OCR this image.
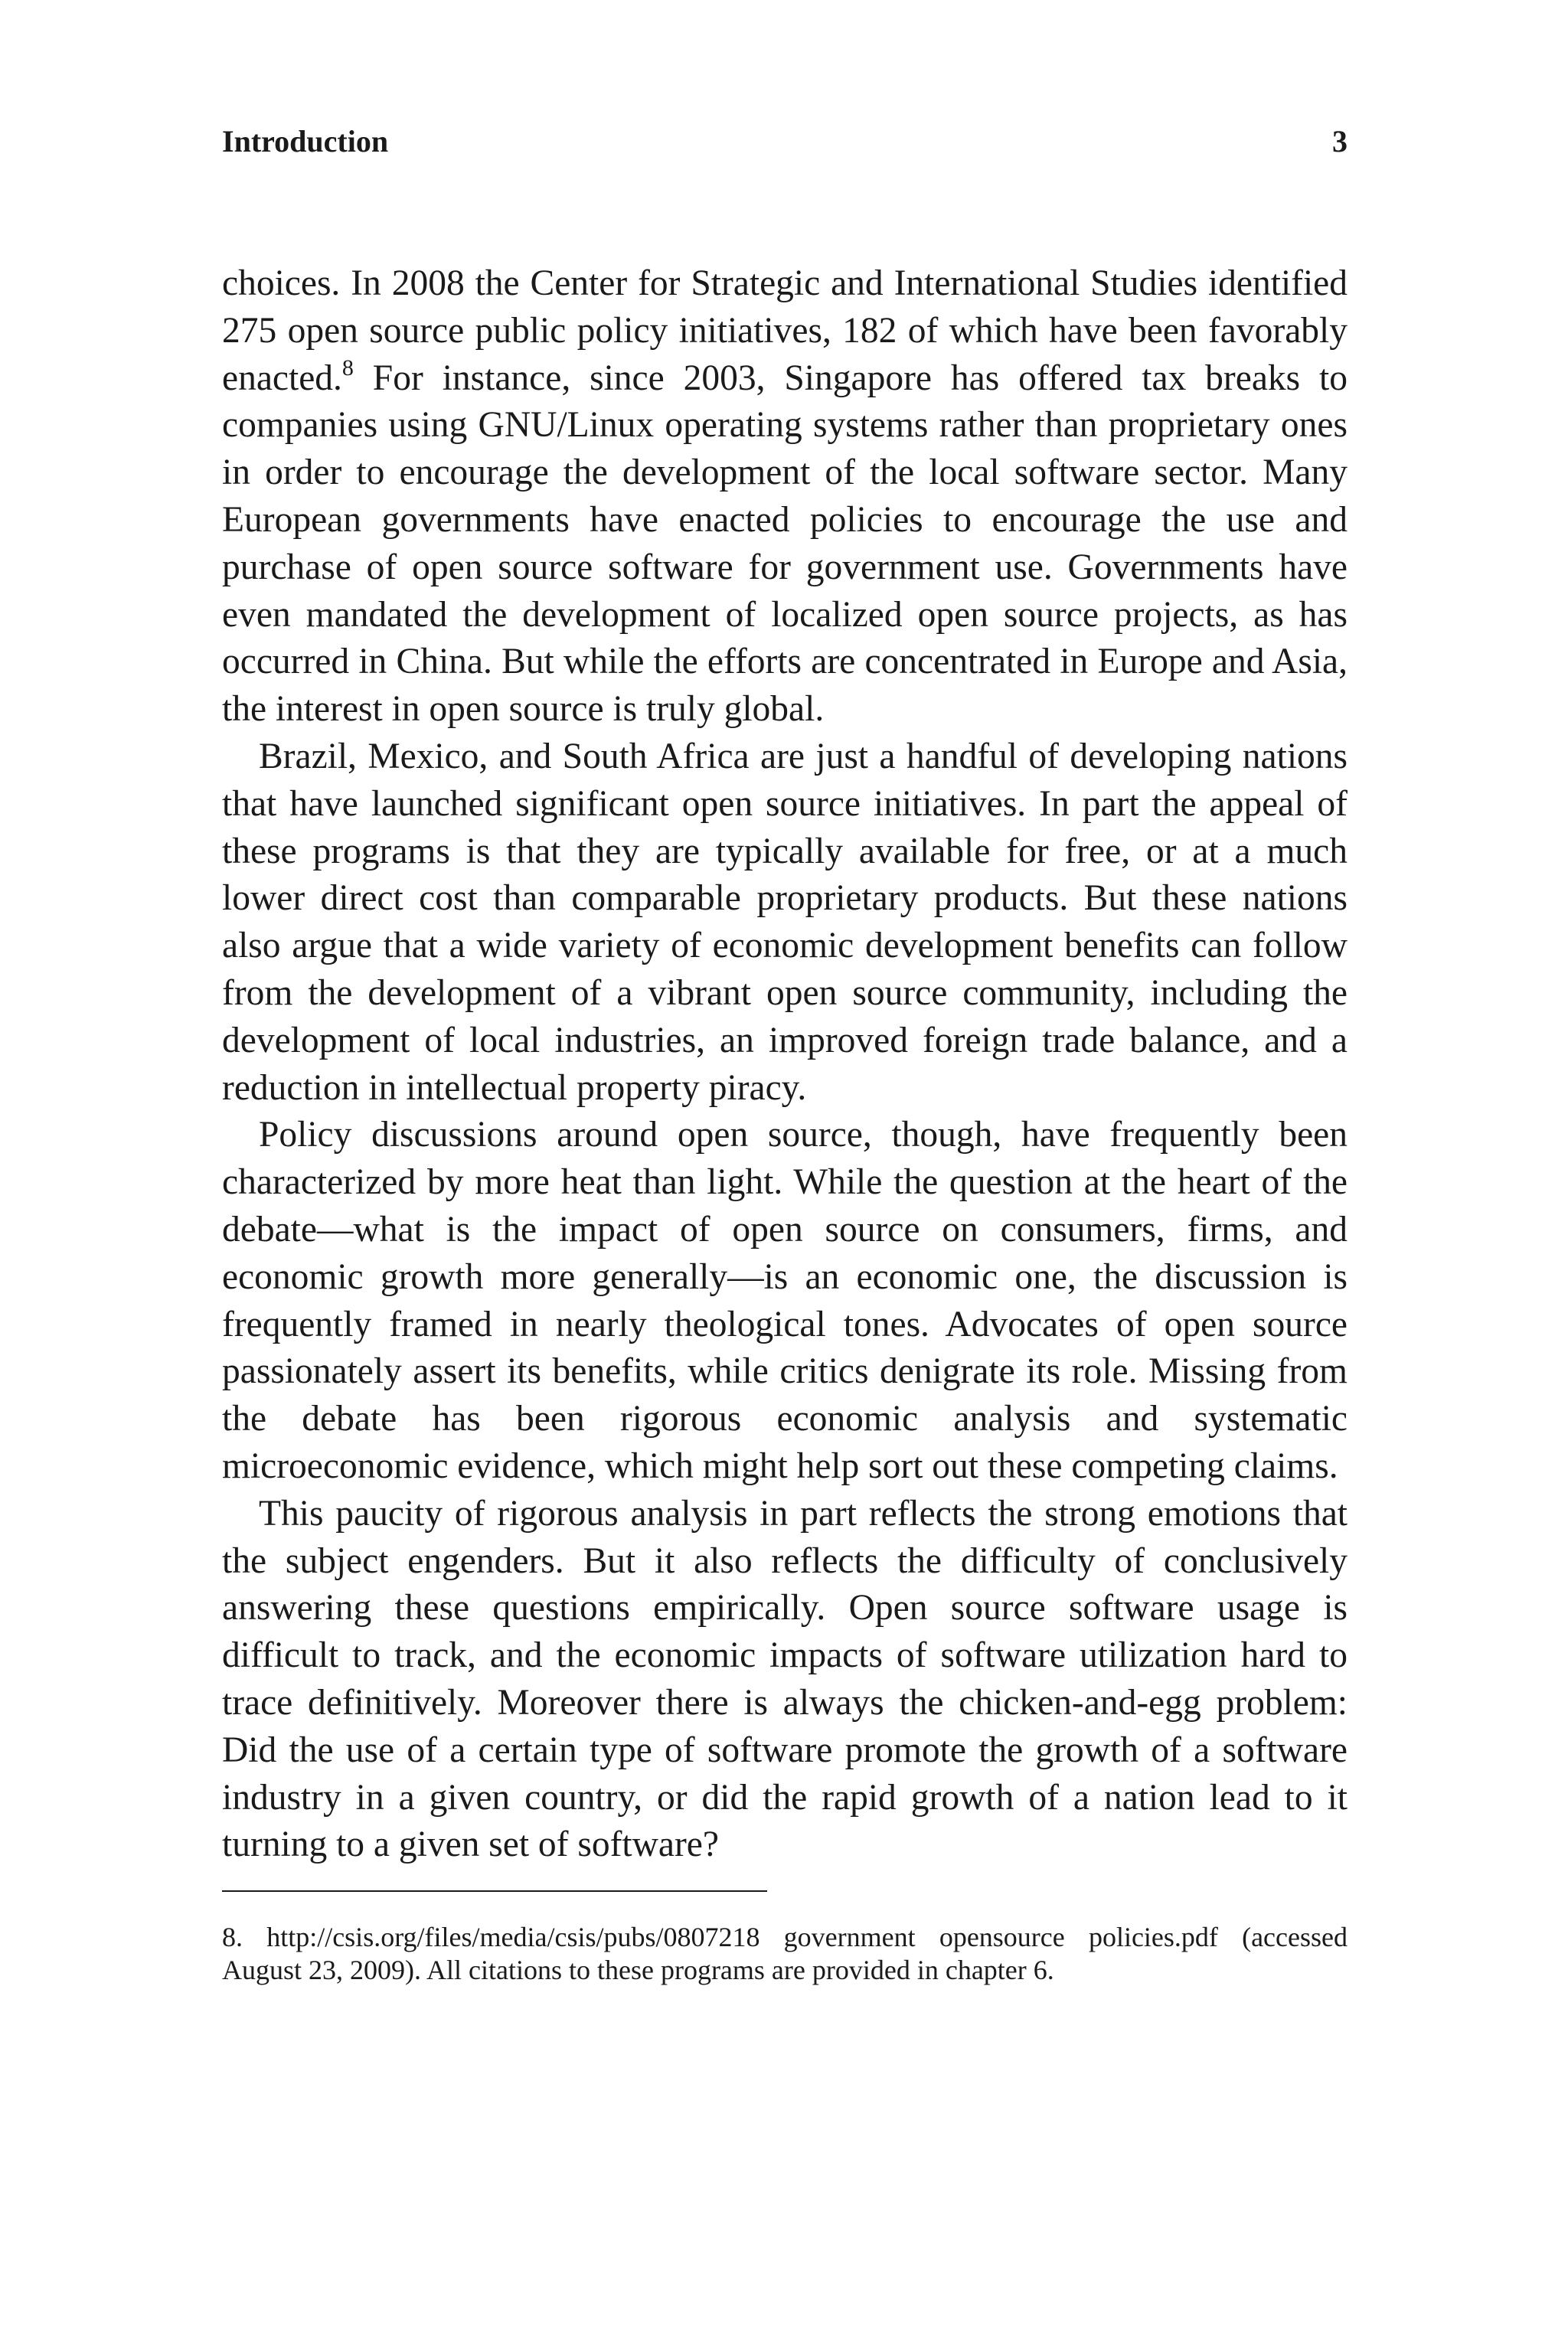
Introduction	3

choices. In 2008 the Center for Strategic and International Studies identified 275 open source public policy initiatives, 182 of which have been favorably enacted.$^8$ For instance, since 2003, Singapore has offered tax breaks to companies using GNU/Linux operating systems rather than proprietary ones in order to encourage the development of the local software sector. Many European governments have enacted policies to encourage the use and purchase of open source software for government use. Governments have even mandated the development of localized open source projects, as has occurred in China. But while the efforts are concentrated in Europe and Asia, the interest in open source is truly global.

Brazil, Mexico, and South Africa are just a handful of developing nations that have launched significant open source initiatives. In part the appeal of these programs is that they are typically available for free, or at a much lower direct cost than comparable proprietary products. But these nations also argue that a wide variety of economic development benefits can follow from the development of a vibrant open source community, including the development of local industries, an improved foreign trade balance, and a reduction in intellectual property piracy.

Policy discussions around open source, though, have frequently been characterized by more heat than light. While the question at the heart of the debate—what is the impact of open source on consumers, firms, and economic growth more generally—is an economic one, the discussion is frequently framed in nearly theological tones. Advocates of open source passionately assert its benefits, while critics denigrate its role. Missing from the debate has been rigorous economic analysis and systematic microeconomic evidence, which might help sort out these competing claims.

This paucity of rigorous analysis in part reflects the strong emotions that the subject engenders. But it also reflects the difficulty of conclusively answering these questions empirically. Open source software usage is difficult to track, and the economic impacts of software utilization hard to trace definitively. Moreover there is always the chicken-and-egg problem: Did the use of a certain type of software promote the growth of a software industry in a given country, or did the rapid growth of a nation lead to it turning to a given set of software?

8. http://csis.org/files/media/csis/pubs/0807218 government opensource policies.pdf (accessed August 23, 2009). All citations to these programs are provided in chapter 6.
